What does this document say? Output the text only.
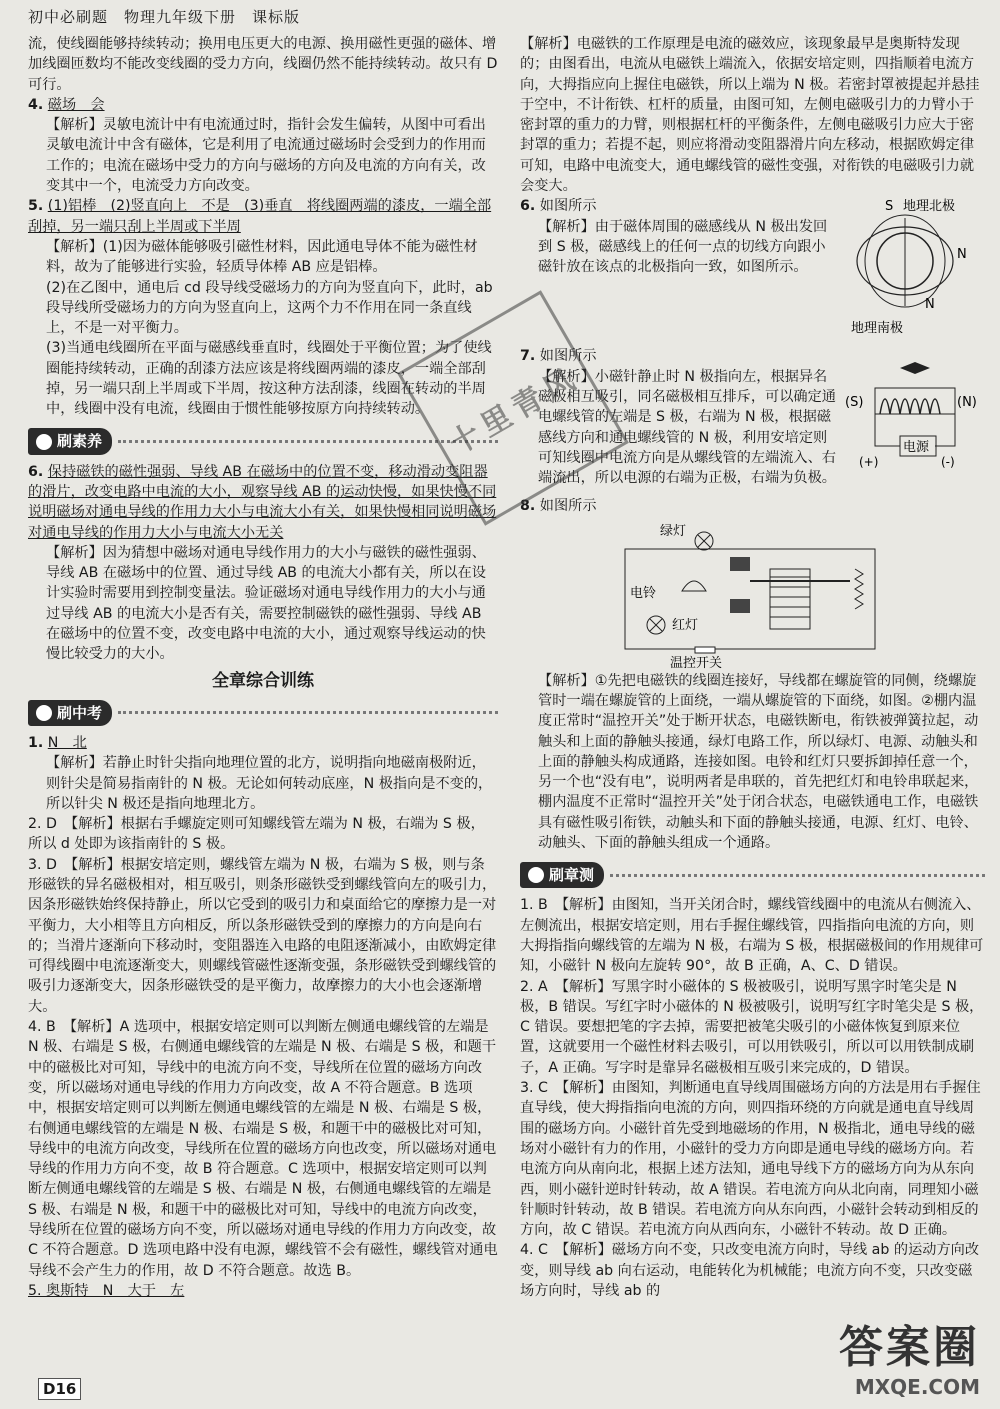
初中必刷题　物理九年级下册　课标版

流，使线圈能够持续转动；换用电压更大的电源、换用磁性更强的磁体、增加线圈匝数均不能改变线圈的受力方向，线圈仍然不能持续转动。故只有 D 可行。

4. 磁场　会

【解析】灵敏电流计中有电流通过时，指针会发生偏转，从图中可看出灵敏电流计中含有磁体，它是利用了电流通过磁场时会受到力的作用而工作的；电流在磁场中受力的方向与磁场的方向及电流的方向有关，改变其中一个，电流受力方向改变。

5. (1)铝棒　(2)竖直向上　不是　(3)垂直　将线圈两端的漆皮，一端全部刮掉，另一端只刮上半周或下半周

【解析】(1)因为磁体能够吸引磁性材料，因此通电导体不能为磁性材料，故为了能够进行实验，轻质导体棒 AB 应是铝棒。

(2)在乙图中，通电后 cd 段导线受磁场力的方向为竖直向下，此时，ab 段导线所受磁场力的方向为竖直向上，这两个力不作用在同一条直线上，不是一对平衡力。

(3)当通电线圈所在平面与磁感线垂直时，线圈处于平衡位置；为了使线圈能持续转动，正确的刮漆方法应该是将线圈两端的漆皮，一端全部刮掉，另一端只刮上半周或下半周，按这种方法刮漆，线圈在转动的半周中，线圈中没有电流，线圈由于惯性能够按原方向持续转动。

刷素养

6. 保持磁铁的磁性强弱、导线 AB 在磁场中的位置不变，移动滑动变阻器的滑片，改变电路中电流的大小，观察导线 AB 的运动快慢，如果快慢不同说明磁场对通电导线的作用力大小与电流大小有关，如果快慢相同说明磁场对通电导线的作用力大小与电流大小无关

【解析】因为猜想中磁场对通电导线作用力的大小与磁铁的磁性强弱、导线 AB 在磁场中的位置、通过导线 AB 的电流大小都有关，所以在设计实验时需要用到控制变量法。验证磁场对通电导线作用力的大小与通过导线 AB 的电流大小是否有关，需要控制磁铁的磁性强弱、导线 AB 在磁场中的位置不变，改变电路中电流的大小，通过观察导线运动的快慢比较受力的大小。

全章综合训练
刷中考

1. N　北

【解析】若静止时针尖指向地理位置的北方，说明指向地磁南极附近，则针尖是简易指南针的 N 极。无论如何转动底座，N 极指向是不变的，所以针尖 N 极还是指向地理北方。

2. D　【解析】根据右手螺旋定则可知螺线管左端为 N 极，右端为 S 极，所以 d 处即为该指南针的 S 极。

3. D　【解析】根据安培定则，螺线管左端为 N 极，右端为 S 极，则与条形磁铁的异名磁极相对，相互吸引，则条形磁铁受到螺线管向左的吸引力，因条形磁铁始终保持静止，所以它受到的吸引力和桌面给它的摩擦力是一对平衡力，大小相等且方向相反，所以条形磁铁受到的摩擦力的方向是向右的；当滑片逐渐向下移动时，变阻器连入电路的电阻逐渐减小，由欧姆定律可得线圈中电流逐渐变大，则螺线管磁性逐渐变强，条形磁铁受到螺线管的吸引力逐渐变大，因条形磁铁受的是平衡力，故摩擦力的大小也会逐渐增大。

4. B　【解析】A 选项中，根据安培定则可以判断左侧通电螺线管的左端是 N 极、右端是 S 极，右侧通电螺线管的左端是 N 极、右端是 S 极，和题干中的磁极比对可知，导线中的电流方向不变，导线所在位置的磁场方向改变，所以磁场对通电导线的作用力方向改变，故 A 不符合题意。B 选项中，根据安培定则可以判断左侧通电螺线管的左端是 N 极、右端是 S 极，右侧通电螺线管的左端是 N 极、右端是 S 极，和题干中的磁极比对可知，导线中的电流方向改变，导线所在位置的磁场方向也改变，所以磁场对通电导线的作用力方向不变，故 B 符合题意。C 选项中，根据安培定则可以判断左侧通电螺线管的左端是 S 极、右端是 N 极，右侧通电螺线管的左端是 S 极、右端是 N 极，和题干中的磁极比对可知，导线中的电流方向改变，导线所在位置的磁场方向不变，所以磁场对通电导线的作用力方向改变，故 C 不符合题意。D 选项电路中没有电源，螺线管不会有磁性，螺线管对通电导线不会产生力的作用，故 D 不符合题意。故选 B。

5. 奥斯特　N　大于　左

【解析】电磁铁的工作原理是电流的磁效应，该现象最早是奥斯特发现的；由图看出，电流从电磁铁上端流入，依据安培定则，四指顺着电流方向，大拇指应向上握住电磁铁，所以上端为 N 极。若密封罩被提起并悬挂于空中，不计衔铁、杠杆的质量，由图可知，左侧电磁吸引力的力臂小于密封罩的重力的力臂，则根据杠杆的平衡条件，左侧电磁吸引力应大于密封罩的重力；若提不起，则应将滑动变阻器滑片向左移动，根据欧姆定律可知，电路中电流变大，通电螺线管的磁性变强，对衔铁的电磁吸引力就会变大。

6. 如图所示

【解析】由于磁体周围的磁感线从 N 极出发回到 S 极，磁感线上的任何一点的切线方向跟小磁针放在该点的北极指向一致，如图所示。

地理北极
S
N
N
地理南极

7. 如图所示

【解析】小磁针静止时 N 极指向左，根据异名磁极相互吸引，同名磁极相互排斥，可以确定通电螺线管的左端是 S 极，右端为 N 极，根据磁感线方向和通电螺线管的 N 极，利用安培定则可知线圈中电流方向是从螺线管的左端流入、右端流出，所以电源的右端为正极，右端为负极。

(S)	(N)
电源
(+)	(-)

8. 如图所示

绿灯
电铃
红灯
温控开关

【解析】①先把电磁铁的线圈连接好，导线都在螺旋管的同侧，绕螺旋管时一端在螺旋管的上面绕，一端从螺旋管的下面绕，如图。②棚内温度正常时“温控开关”处于断开状态，电磁铁断电，衔铁被弹簧拉起，动触头和上面的静触头接通，绿灯电路工作，所以绿灯、电源、动触头和上面的静触头构成通路，连接如图。电铃和红灯只要拆卸掉任意一个，另一个也“没有电”，说明两者是串联的，首先把红灯和电铃串联起来，棚内温度不正常时“温控开关”处于闭合状态，电磁铁通电工作，电磁铁具有磁性吸引衔铁，动触头和下面的静触头接通，电源、红灯、电铃、动触头、下面的静触头组成一个通路。

刷章测

1. B　【解析】由图知，当开关闭合时，螺线管线圈中的电流从右侧流入、左侧流出，根据安培定则，用右手握住螺线管，四指指向电流的方向，则大拇指指向螺线管的左端为 N 极，右端为 S 极，根据磁极间的作用规律可知，小磁针 N 极向左旋转 90°，故 B 正确，A、C、D 错误。

2. A　【解析】写黑字时小磁体的 S 极被吸引，说明写黑字时笔尖是 N 极，B 错误。写红字时小磁体的 N 极被吸引，说明写红字时笔尖是 S 极，C 错误。要想把笔的字去掉，需要把被笔尖吸引的小磁体恢复到原来位置，这就要用一个磁性材料去吸引，可以用铁吸引，所以可以用铁制成刷子，A 正确。写字时是靠异名磁极相互吸引来完成的，D 错误。

3. C　【解析】由图知，判断通电直导线周围磁场方向的方法是用右手握住直导线，使大拇指指向电流的方向，则四指环绕的方向就是通电直导线周围的磁场方向。小磁针首先受到地磁场的作用，N 极指北，通电导线的磁场对小磁针有力的作用，小磁针的受力方向即是通电导线的磁场方向。若电流方向从南向北，根据上述方法知，通电导线下方的磁场方向为从东向西，则小磁针逆时针转动，故 A 错误。若电流方向从北向南，同理知小磁针顺时针转动，故 B 错误。若电流方向从东向西，小磁针会转动到相反的方向，故 C 错误。若电流方向从西向东，小磁针不转动。故 D 正确。

4. C　【解析】磁场方向不变，只改变电流方向时，导线 ab 的运动方向改变，则导线 ab 向右运动，电能转化为机械能；电流方向不变，只改变磁场方向时，导线 ab 的

十里青风
D16
答案圈
MXQE.COM
